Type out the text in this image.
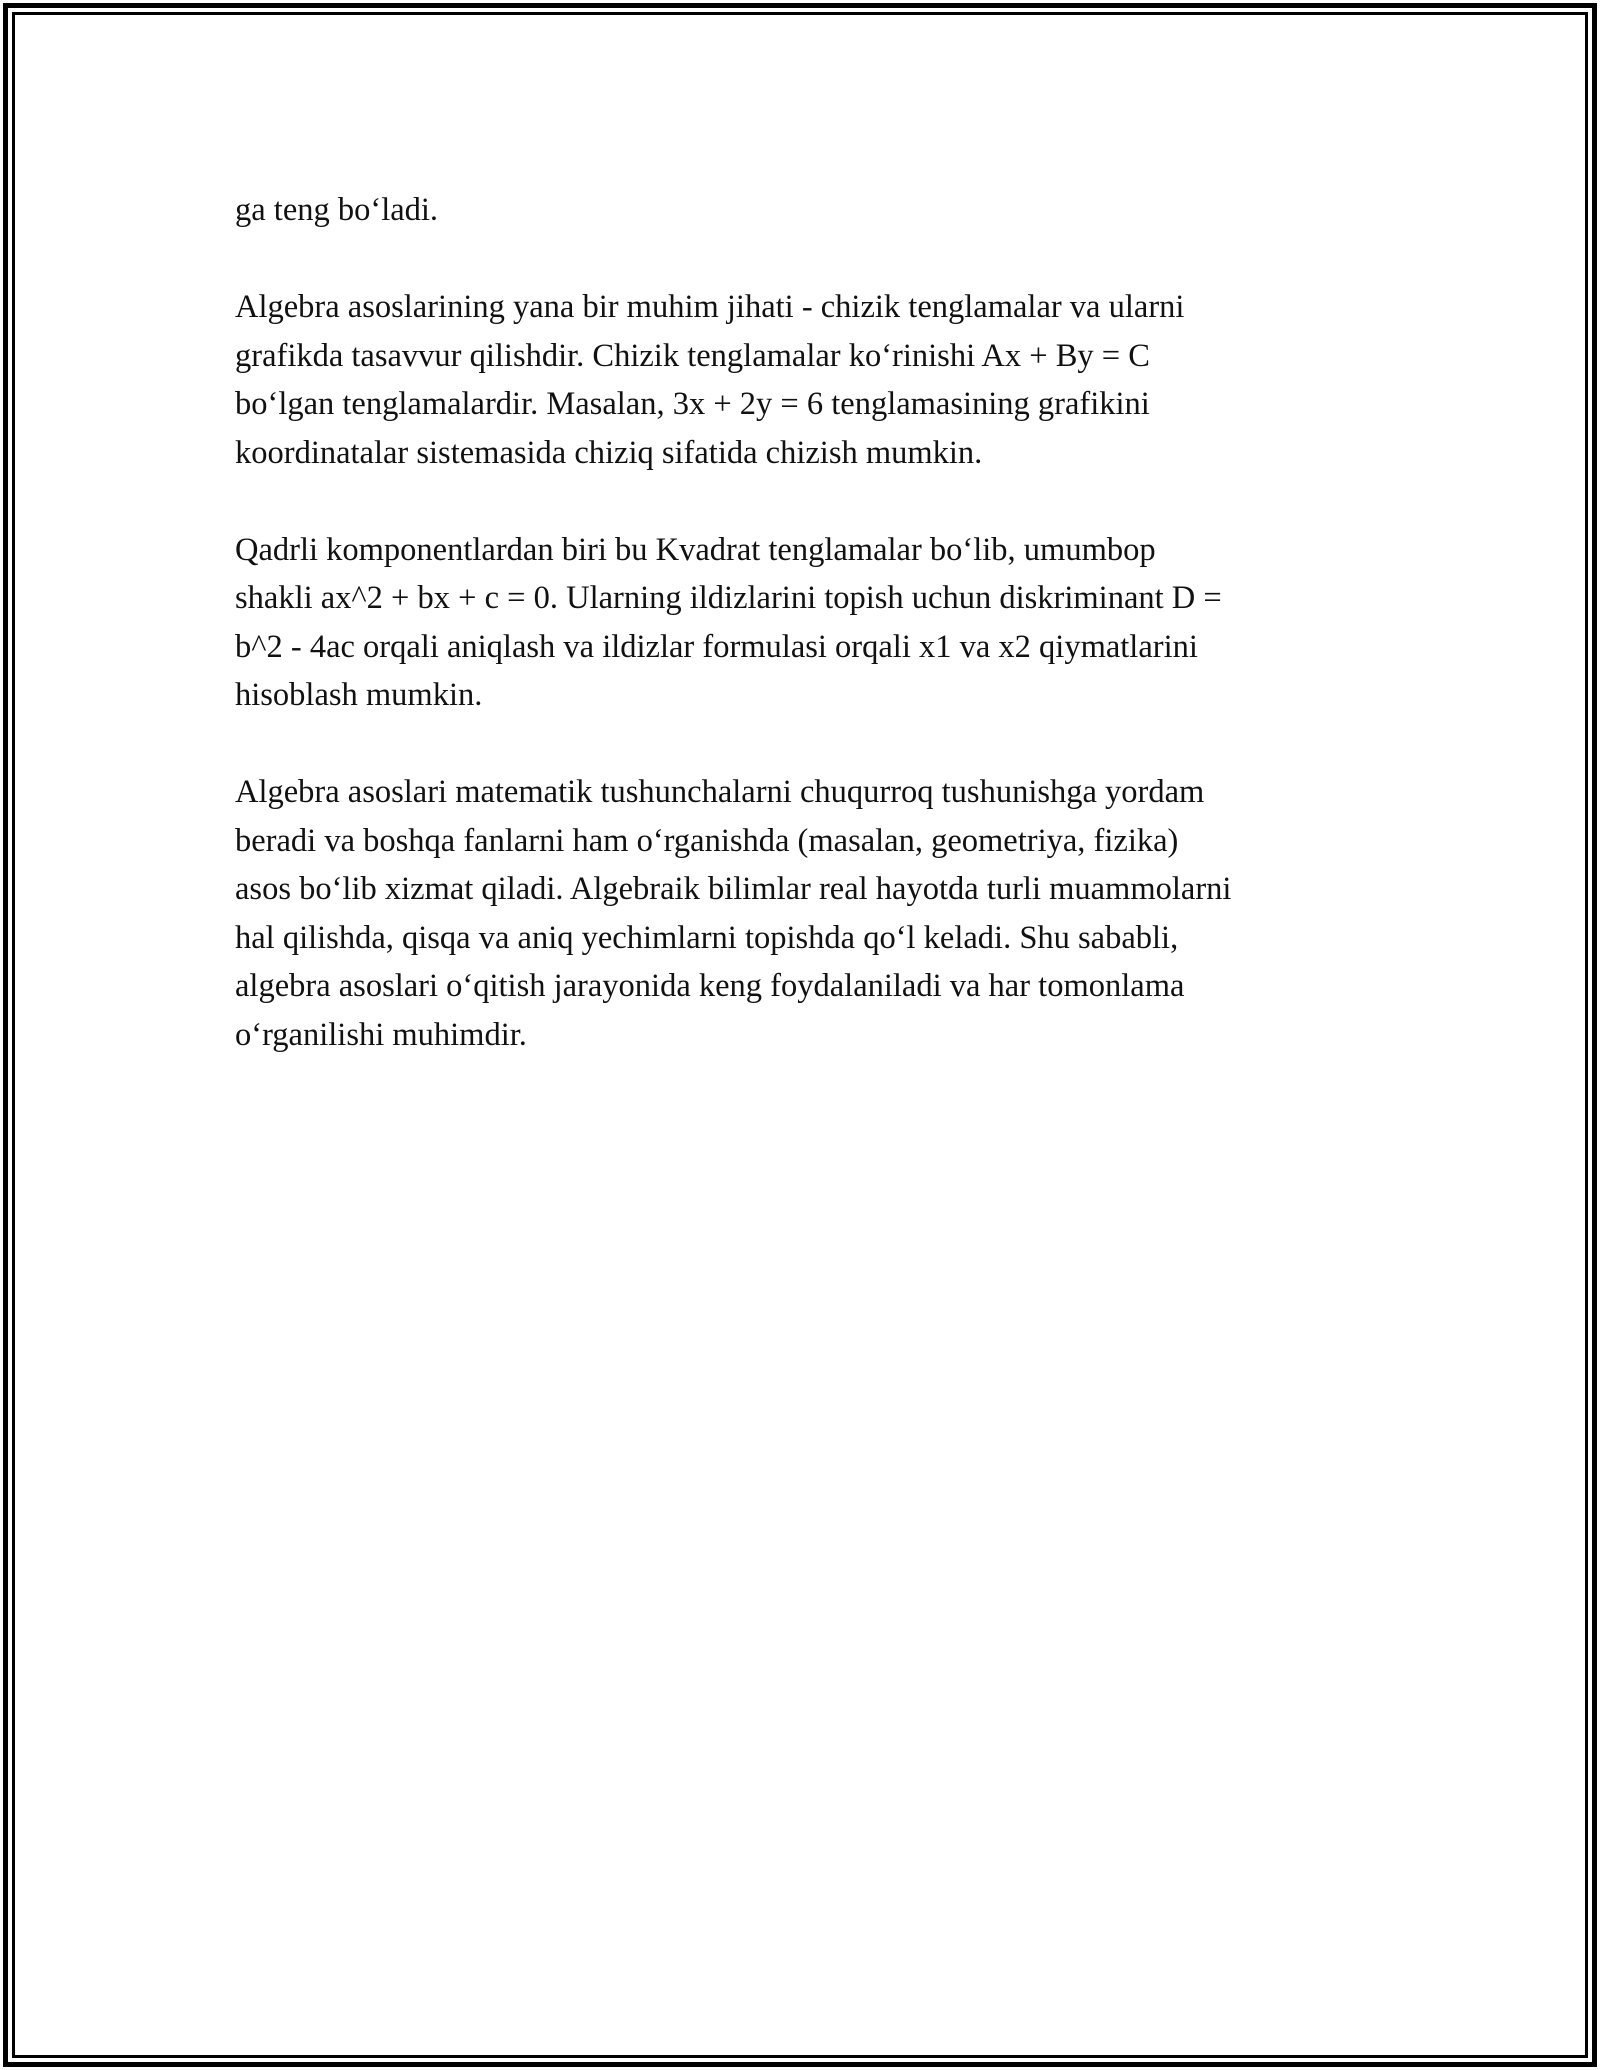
ga teng bo‘ladi.

Algebra asoslarining yana bir muhim jihati - chizik tenglamalar va ularni
grafikda tasavvur qilishdir. Chizik tenglamalar ko‘rinishi Ax + By = C
bo‘lgan tenglamalardir. Masalan, 3x + 2y = 6 tenglamasining grafikini
koordinatalar sistemasida chiziq sifatida chizish mumkin.

Qadrli komponentlardan biri bu Kvadrat tenglamalar bo‘lib, umumbop
shakli ax^2 + bx + c = 0. Ularning ildizlarini topish uchun diskriminant D =
b^2 - 4ac orqali aniqlash va ildizlar formulasi orqali x1 va x2 qiymatlarini
hisoblash mumkin.

Algebra asoslari matematik tushunchalarni chuqurroq tushunishga yordam
beradi va boshqa fanlarni ham o‘rganishda (masalan, geometriya, fizika)
asos bo‘lib xizmat qiladi. Algebraik bilimlar real hayotda turli muammolarni
hal qilishda, qisqa va aniq yechimlarni topishda qo‘l keladi. Shu sababli,
algebra asoslari o‘qitish jarayonida keng foydalaniladi va har tomonlama
o‘rganilishi muhimdir.
